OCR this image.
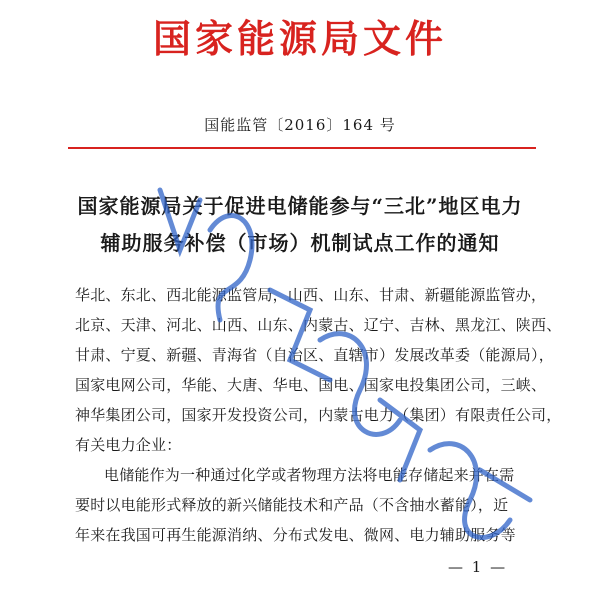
国家能源局文件
国能监管〔2016〕164 号
国家能源局关于促进电储能参与“三北”地区电力
辅助服务补偿（市场）机制试点工作的通知
华北、东北、西北能源监管局，山西、山东、甘肃、新疆能源监管办，
北京、天津、河北、山西、山东、内蒙古、辽宁、吉林、黑龙江、陕西、
甘肃、宁夏、新疆、青海省（自治区、直辖市）发展改革委（能源局），
国家电网公司，华能、大唐、华电、国电、国家电投集团公司，三峡、
神华集团公司，国家开发投资公司，内蒙古电力（集团）有限责任公司，
有关电力企业：
电储能作为一种通过化学或者物理方法将电能存储起来并在需
要时以电能形式释放的新兴储能技术和产品（不含抽水蓄能），近
年来在我国可再生能源消纳、分布式发电、微网、电力辅助服务等
— 1 —
